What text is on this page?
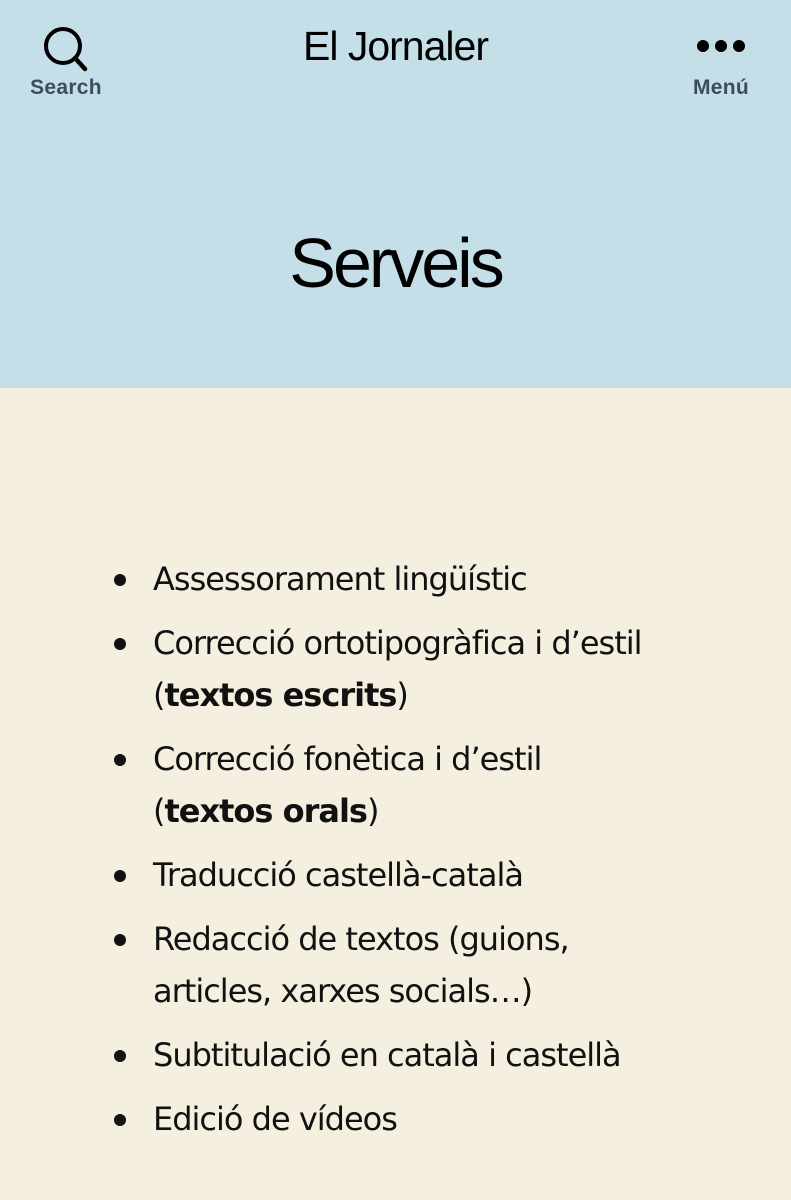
Search
El Jornaler
Menú
Serveis
Assessorament lingüístic
Correcció ortotipogràfica i d’estil (textos escrits)
Correcció fonètica i d’estil (textos orals)
Traducció castellà-català
Redacció de textos (guions, articles, xarxes socials…)
Subtitulació en català i castellà
Edició de vídeos
